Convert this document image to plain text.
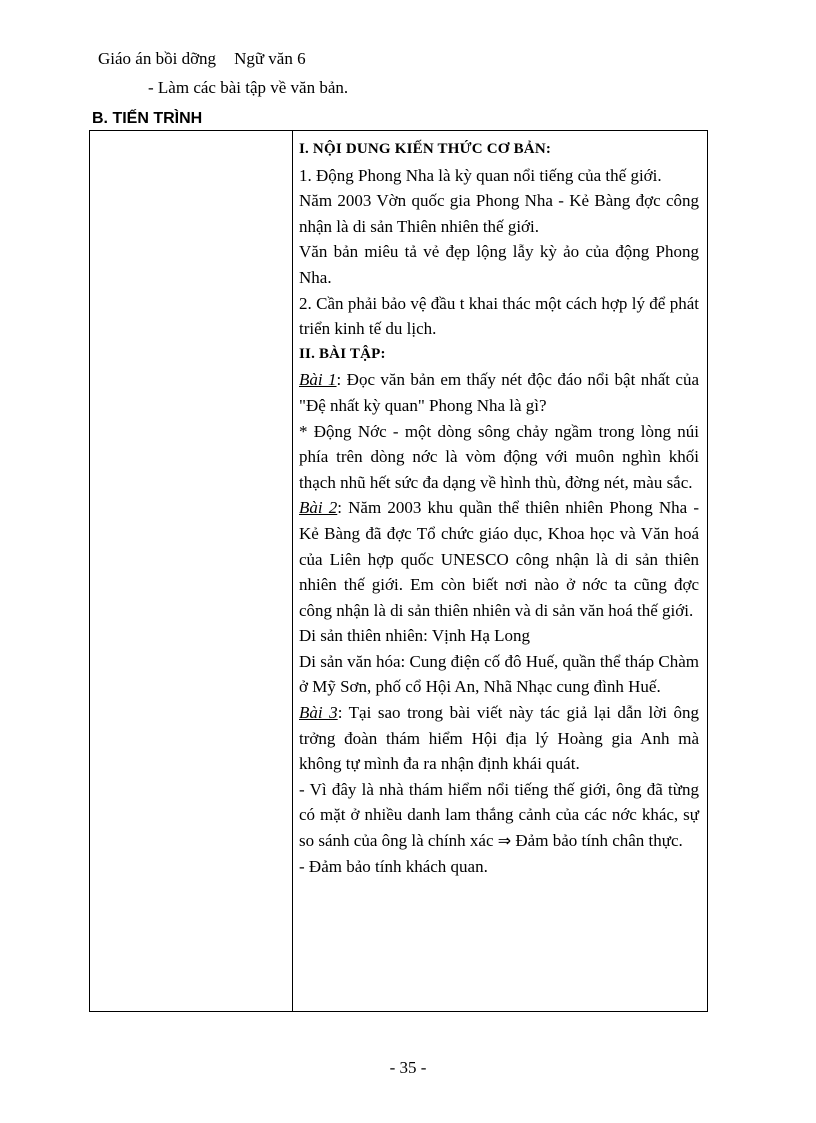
Giáo án bồi dỡng Ngữ văn 6
- Làm các bài tập về văn bản.
B. TIẾN TRÌNH

I. NỘI DUNG KIẾN THỨC CƠ BẢN:

1. Động Phong Nha là kỳ quan nổi tiếng của thế giới.

Năm 2003 Vờn quốc gia Phong Nha - Kẻ Bàng đợc công nhận là di sản Thiên nhiên thế giới.

Văn bản miêu tả vẻ đẹp lộng lẫy kỳ ảo của động Phong Nha.

2. Cần phải bảo vệ đầu t khai thác một cách hợp lý để phát triển kinh tế du lịch.

II. BÀI TẬP:

Bài 1: Đọc văn bản em thấy nét độc đáo nổi bật nhất của "Đệ nhất kỳ quan" Phong Nha là gì?

* Động Nớc - một dòng sông chảy ngầm trong lòng núi phía trên dòng nớc là vòm động với muôn nghìn khối thạch nhũ hết sức đa dạng về hình thù, đờng nét, màu sắc.

Bài 2: Năm 2003 khu quần thể thiên nhiên Phong Nha - Kẻ Bàng đã đợc Tổ chức giáo dục, Khoa học và Văn hoá của Liên hợp quốc UNESCO công nhận là di sản thiên nhiên thế giới. Em còn biết nơi nào ở nớc ta cũng đợc công nhận là di sản thiên nhiên và di sản văn hoá thế giới.

Di sản thiên nhiên: Vịnh Hạ Long

Di sản văn hóa: Cung điện cố đô Huế, quần thể tháp Chàm ở Mỹ Sơn, phố cổ Hội An, Nhã Nhạc cung đình Huế.

Bài 3: Tại sao trong bài viết này tác giả lại dẫn lời ông trởng đoàn thám hiểm Hội địa lý Hoàng gia Anh mà không tự mình đa ra nhận định khái quát.

- Vì đây là nhà thám hiểm nổi tiếng thế giới, ông đã từng có mặt ở nhiều danh lam thắng cảnh của các nớc khác, sự so sánh của ông là chính xác ⇒ Đảm bảo tính chân thực.

- Đảm bảo tính khách quan.

- 35 -
